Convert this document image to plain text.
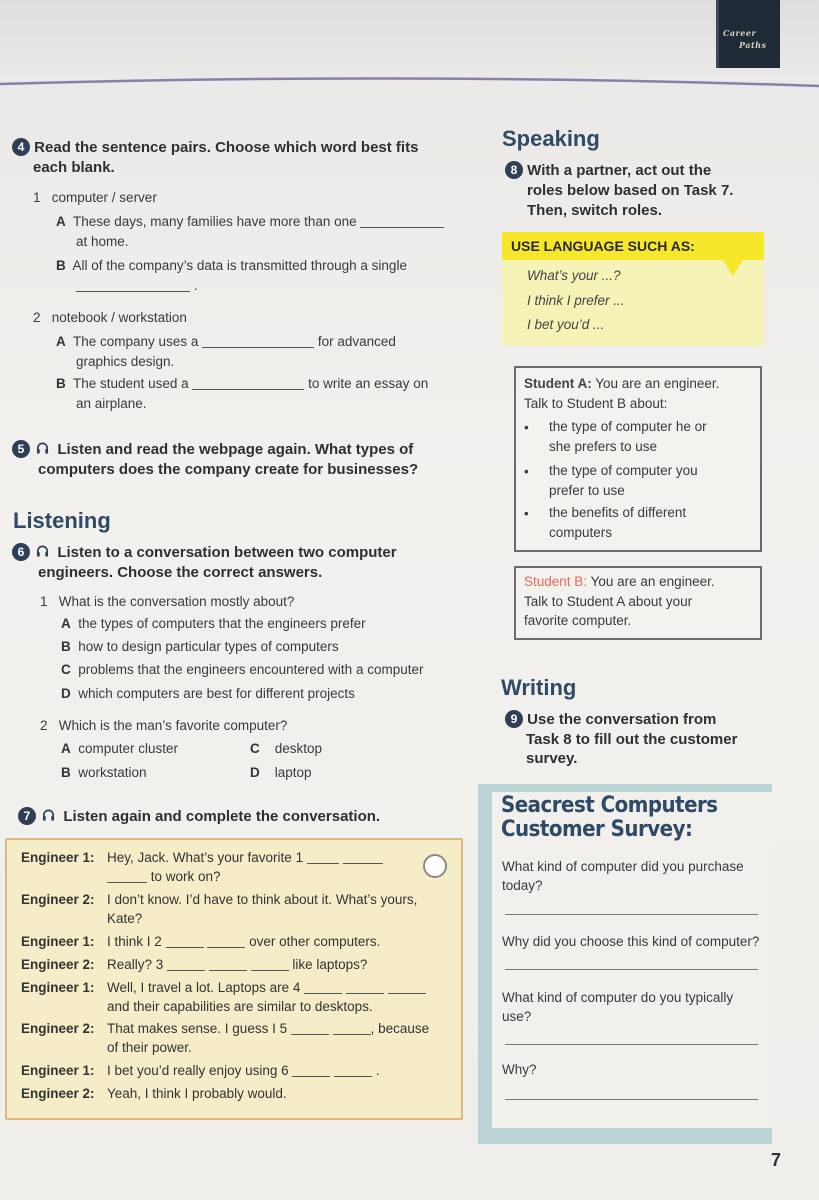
Career
Paths
4 Read the sentence pairs. Choose which word best fits
each blank.
1 computer / server
A These days, many families have more than one
at home.
B All of the company’s data is transmitted through a single
.
2 notebook / workstation
A The company uses a	for advanced
graphics design.
B The student used a	to write an essay on
an airplane.
5 Listen and read the webpage again. What types of
computers does the company create for businesses?
Listening
6 Listen to a conversation between two computer
engineers. Choose the correct answers.
1 What is the conversation mostly about?
A the types of computers that the engineers prefer
B how to design particular types of computers
C problems that the engineers encountered with a computer
D which computers are best for different projects
2 Which is the man’s favorite computer?
A computer cluster	C desktop
B workstation	D laptop
7 Listen again and complete the conversation.
Engineer 1: Hey, Jack. What’s your favorite 1
to work on?
Engineer 2: I don’t know. I’d have to think about it. What’s yours,
Kate?
Engineer 1: I think I 2	over other computers.
Engineer 2: Really? 3	like laptops?
Engineer 1: Well, I travel a lot. Laptops are 4
and their capabilities are similar to desktops.
Engineer 2: That makes sense. I guess I 5	, because
of their power.
Engineer 1: I bet you’d really enjoy using 6	.
Engineer 2: Yeah, I think I probably would.
Speaking
8 With a partner, act out the
roles below based on Task 7.
Then, switch roles.
USE LANGUAGE SUCH AS:
What’s your ...?
I think I prefer ...
I bet you’d ...
Student A: You are an engineer.
Talk to Student B about:
• the type of computer he or
she prefers to use
• the type of computer you
prefer to use
• the benefits of different
computers
Student B: You are an engineer.
Talk to Student A about your
favorite computer.
Writing
9 Use the conversation from
Task 8 to fill out the customer
survey.
Seacrest Computers
Customer Survey:
What kind of computer did you purchase
today?
Why did you choose this kind of computer?
What kind of computer do you typically
use?
Why?
7
